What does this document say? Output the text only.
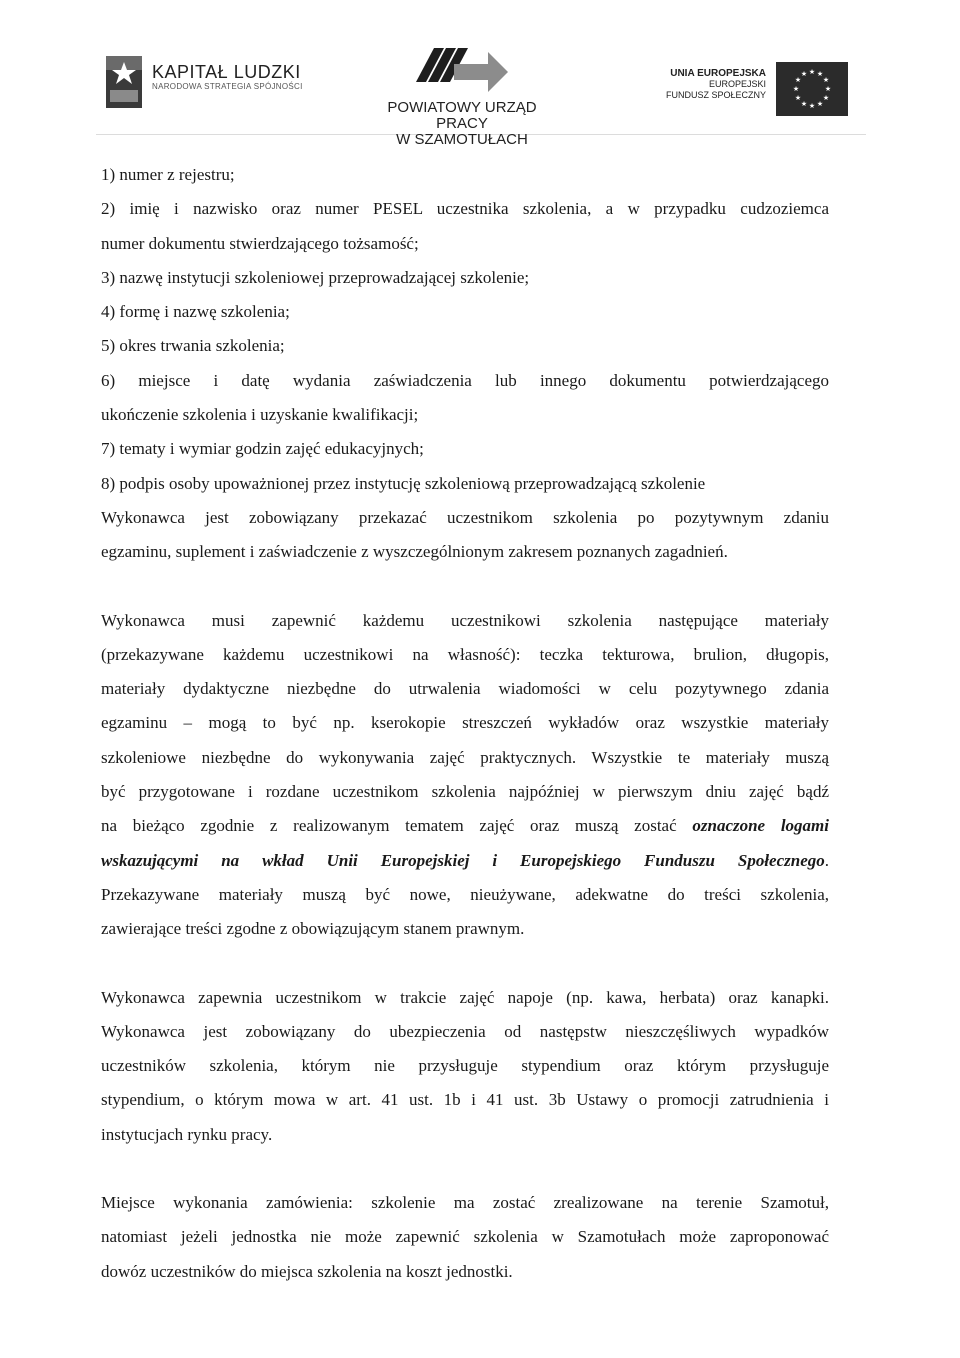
KAPITAŁ LUDZKI
NARODOWA STRATEGIA SPÓJNOŚCI
POWIATOWY URZĄD PRACY
W SZAMOTUŁACH
UNIA EUROPEJSKA
EUROPEJSKI
FUNDUSZ SPOŁECZNY
★ ★
★
★
★
★
★
★
★
★
★
★
1) numer z rejestru;
2) imię i nazwisko oraz numer PESEL uczestnika szkolenia, a w przypadku cudzoziemca
numer dokumentu stwierdzającego tożsamość;
3) nazwę instytucji szkoleniowej przeprowadzającej szkolenie;
4) formę i nazwę szkolenia;
5) okres trwania szkolenia;
6) miejsce i datę wydania zaświadczenia lub innego dokumentu potwierdzającego
ukończenie szkolenia i uzyskanie kwalifikacji;
7) tematy i wymiar godzin zajęć edukacyjnych;
8) podpis osoby upoważnionej przez instytucję szkoleniową przeprowadzającą szkolenie
Wykonawca jest zobowiązany przekazać uczestnikom szkolenia po pozytywnym zdaniu
egzaminu, suplement i zaświadczenie z wyszczególnionym zakresem poznanych zagadnień.
Wykonawca musi zapewnić każdemu uczestnikowi szkolenia następujące materiały
(przekazywane każdemu uczestnikowi na własność): teczka tekturowa, brulion, długopis,
materiały dydaktyczne niezbędne do utrwalenia wiadomości w celu pozytywnego zdania
egzaminu – mogą to być np. kserokopie streszczeń wykładów oraz wszystkie materiały
szkoleniowe niezbędne do wykonywania zajęć praktycznych. Wszystkie te materiały muszą
być przygotowane i rozdane uczestnikom szkolenia najpóźniej w pierwszym dniu zajęć bądź
na bieżąco zgodnie z realizowanym tematem zajęć oraz muszą zostać oznaczone logami
wskazującymi na wkład Unii Europejskiej i Europejskiego Funduszu Społecznego.
Przekazywane materiały muszą być nowe, nieużywane, adekwatne do treści szkolenia,
zawierające treści zgodne z obowiązującym stanem prawnym.
Wykonawca zapewnia uczestnikom w trakcie zajęć napoje (np. kawa, herbata) oraz kanapki.
Wykonawca jest zobowiązany do ubezpieczenia od następstw nieszczęśliwych wypadków
uczestników szkolenia, którym nie przysługuje stypendium oraz którym przysługuje
stypendium, o którym mowa w art. 41 ust. 1b i 41 ust. 3b Ustawy o promocji zatrudnienia i
instytucjach rynku pracy.
Miejsce wykonania zamówienia: szkolenie ma zostać zrealizowane na terenie Szamotuł,
natomiast jeżeli jednostka nie może zapewnić szkolenia w Szamotułach może zaproponować
dowóz uczestników do miejsca szkolenia na koszt jednostki.
